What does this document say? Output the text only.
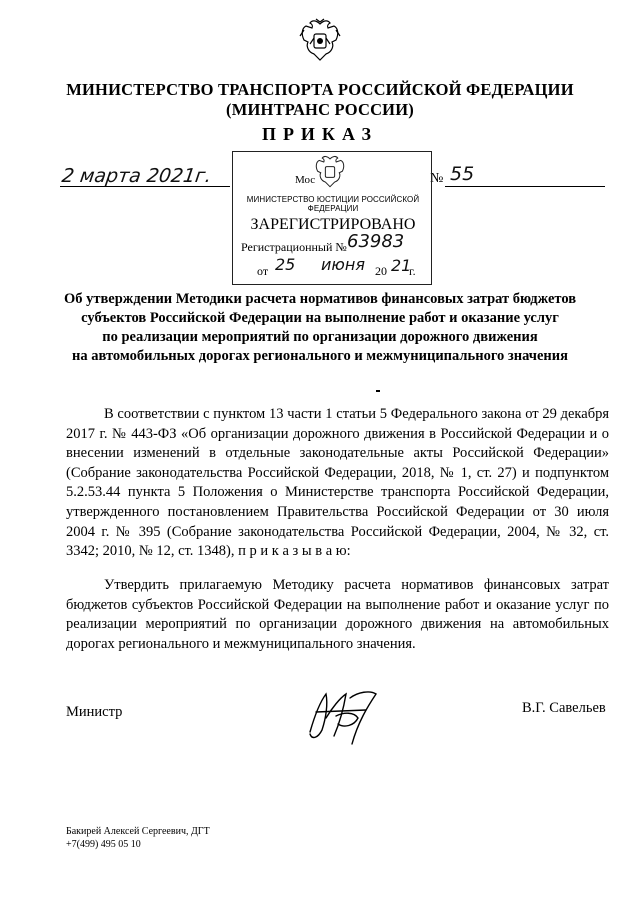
МИНИСТЕРСТВО ТРАНСПОРТА РОССИЙСКОЙ ФЕДЕРАЦИИ
(МИНТРАНС РОССИИ)
ПРИКАЗ
2 марта 2021г.	№ 55
Мос
МИНИСТЕРСТВО ЮСТИЦИИ РОССИЙСКОЙ ФЕДЕРАЦИИ
ЗАРЕГИСТРИРОВАНО
Регистрационный № 63983
от 25 июня 20 21
г.
Об утверждении Методики расчета нормативов финансовых затрат бюджетов
субъектов Российской Федерации на выполнение работ и оказание услуг
по реализации мероприятий по организации дорожного движения
на автомобильных дорогах регионального и межмуниципального значения
В соответствии с пунктом 13 части 1 статьи 5 Федерального закона от 29 декабря 2017 г. № 443-ФЗ «Об организации дорожного движения в Российской Федерации и о внесении изменений в отдельные законодательные акты Российской Федерации» (Собрание законодательства Российской Федерации, 2018, № 1, ст. 27) и подпунктом 5.2.53.44 пункта 5 Положения о Министерстве транспорта Российской Федерации, утвержденного постановлением Правительства Российской Федерации от 30 июля 2004 г. № 395 (Собрание законодательства Российской Федерации, 2004, № 32, ст. 3342; 2010, № 12, ст. 1348), п р и к а з ы в а ю:
Утвердить прилагаемую Методику расчета нормативов финансовых затрат бюджетов субъектов Российской Федерации на выполнение работ и оказание услуг по реализации мероприятий по организации дорожного движения на автомобильных дорогах регионального и межмуниципального значения.
Министр	В.Г. Савельев
Бакирей Алексей Сергеевич, ДГТ
+7(499) 495 05 10
